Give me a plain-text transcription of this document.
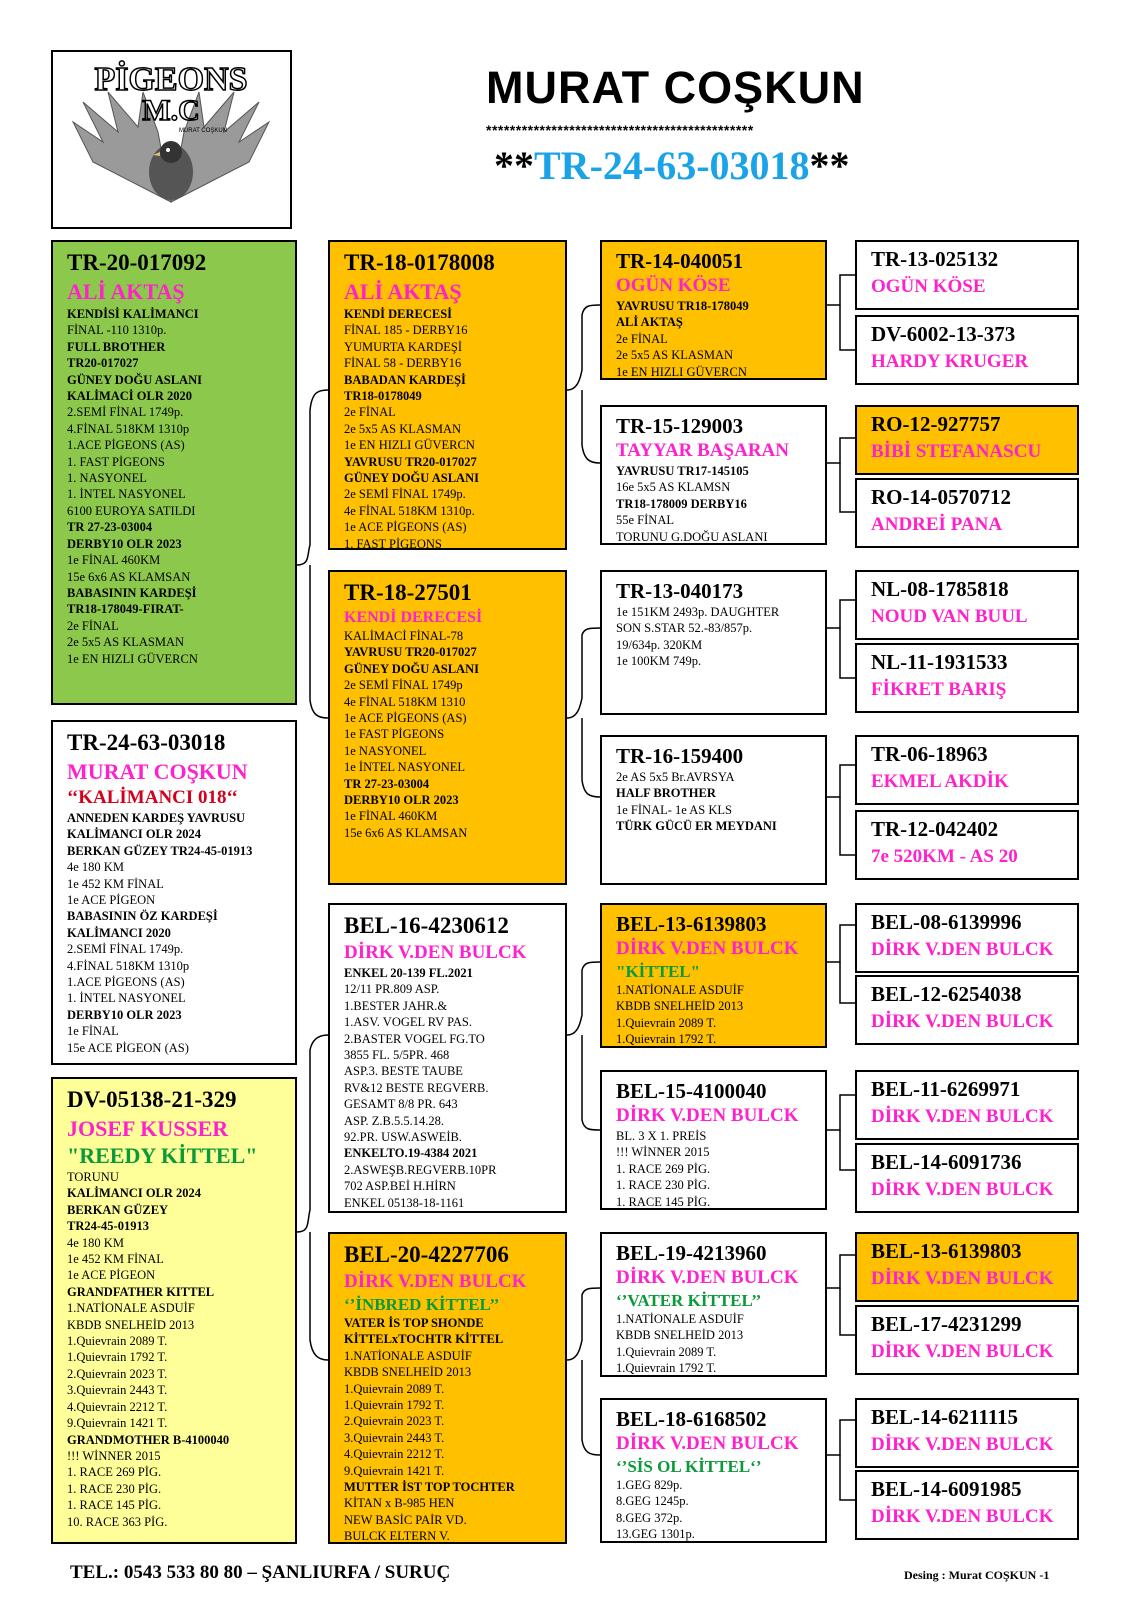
PİGEONS
M.C
MURAT COŞKUN
MURAT COŞKUN
*********************************************
**TR-24-63-03018**
TR-20-017092
ALİ AKTAŞ
KENDİSİ KALİMANCI
FİNAL -110 1310p.
FULL BROTHER
TR20-017027
GÜNEY DOĞU ASLANI
KALİMACİ OLR 2020
2.SEMİ FİNAL 1749p.
4.FİNAL 518KM 1310p
1.ACE PİGEONS (AS)
1. FAST PİGEONS
1. NASYONEL
1. İNTEL NASYONEL
6100 EUROYA SATILDI
TR 27-23-03004
DERBY10 OLR 2023
1e FİNAL 460KM
15e 6x6 AS KLAMSAN
BABASININ KARDEŞİ
TR18-178049-FIRAT-
2e FİNAL
2e 5x5 AS KLASMAN
1e EN HIZLI GÜVERCN
TR-24-63-03018
MURAT COŞKUN
‘‘KALİMANCI 018‘‘
ANNEDEN KARDEŞ YAVRUSU
KALİMANCI OLR 2024
BERKAN GÜZEY TR24-45-01913
4e 180 KM
1e 452 KM FİNAL
1e ACE PİGEON
BABASININ ÖZ KARDEŞİ
KALİMANCI 2020
2.SEMİ FİNAL 1749p.
4.FİNAL 518KM 1310p
1.ACE PİGEONS (AS)
1. İNTEL NASYONEL
DERBY10 OLR 2023
1e FİNAL
15e ACE PİGEON (AS)
DV-05138-21-329
JOSEF KUSSER
"REEDY KİTTEL"
TORUNU
KALİMANCI OLR 2024
BERKAN GÜZEY
TR24-45-01913
4e 180 KM
1e 452 KM FİNAL
1e ACE PİGEON
GRANDFATHER KITTEL
1.NATİONALE ASDUİF
KBDB SNELHEİD 2013
1.Quievrain 2089 T.
1.Quievrain 1792 T.
2.Quievrain 2023 T.
3.Quievrain 2443 T.
4.Quievrain 2212 T.
9.Quievrain 1421 T.
GRANDMOTHER B-4100040
!!! WİNNER 2015
1. RACE 269 PİG.
1. RACE 230 PİG.
1. RACE 145 PİG.
10. RACE 363 PİG.
TR-18-0178008
ALİ AKTAŞ
KENDİ DERECESİ
FİNAL 185 - DERBY16
YUMURTA KARDEŞİ
FİNAL 58 - DERBY16
BABADAN KARDEŞİ
TR18-0178049
2e FİNAL
2e 5x5 AS KLASMAN
1e EN HIZLI GÜVERCN
YAVRUSU TR20-017027
GÜNEY DOĞU ASLANI
2e SEMİ FİNAL 1749p.
4e FİNAL 518KM 1310p.
1e ACE PİGEONS (AS)
1. FAST PİGEONS
TR-18-27501
KENDİ DERECESİ
KALİMACİ FİNAL-78
YAVRUSU TR20-017027
GÜNEY DOĞU ASLANI
2e SEMİ FİNAL 1749p
4e FİNAL 518KM 1310
1e ACE PİGEONS (AS)
1e FAST PİGEONS
1e NASYONEL
1e İNTEL NASYONEL
TR 27-23-03004
DERBY10 OLR 2023
1e FİNAL 460KM
15e 6x6 AS KLAMSAN
BEL-16-4230612
DİRK V.DEN BULCK
ENKEL 20-139 FL.2021
12/11 PR.809 ASP.
1.BESTER JAHR.&
1.ASV. VOGEL RV PAS.
2.BASTER VOGEL FG.TO
3855 FL. 5/5PR. 468
ASP.3. BESTE TAUBE
RV&12 BESTE REGVERB.
GESAMT 8/8 PR. 643
ASP. Z.B.5.5.14.28.
92.PR. USW.ASWEİB.
ENKELTO.19-4384 2021
2.ASWEŞB.REGVERB.10PR
702 ASP.BEİ H.HİRN
ENKEL 05138-18-1161
BEL-20-4227706
DİRK V.DEN BULCK
‘’İNBRED KİTTEL’’
VATER İS TOP SHONDE
KİTTELxTOCHTR KİTTEL
1.NATİONALE ASDUİF
KBDB SNELHEİD 2013
1.Quievrain 2089 T.
1.Quievrain 1792 T.
2.Quievrain 2023 T.
3.Quievrain 2443 T.
4.Quievrain 2212 T.
9.Quievrain 1421 T.
MUTTER İST TOP TOCHTER
KİTAN x B-985 HEN
NEW BASİC PAİR VD.
BULCK ELTERN V.
TR-14-040051
OGÜN KÖSE
YAVRUSU TR18-178049
ALİ AKTAŞ
2e FİNAL
2e 5x5 AS KLASMAN
1e EN HIZLI GÜVERCN
TR-15-129003
TAYYAR BAŞARAN
YAVRUSU TR17-145105
16e 5x5 AS KLAMSN
TR18-178009 DERBY16
55e FİNAL
TORUNU G.DOĞU ASLANI
TR-13-040173
1e 151KM 2493p. DAUGHTER
SON S.STAR 52.-83/857p.
19/634p. 320KM
1e 100KM 749p.
TR-16-159400
2e AS 5x5 Br.AVRSYA
HALF BROTHER
1e FİNAL- 1e AS KLS
TÜRK GÜCÜ ER MEYDANI
BEL-13-6139803
DİRK V.DEN BULCK
"KİTTEL"
1.NATİONALE ASDUİF
KBDB SNELHEİD 2013
1.Quievrain 2089 T.
1.Quievrain 1792 T.
BEL-15-4100040
DİRK V.DEN BULCK
BL. 3 X 1. PREİS
!!! WİNNER 2015
1. RACE 269 PİG.
1. RACE 230 PİG.
1. RACE 145 PİG.
BEL-19-4213960
DİRK V.DEN BULCK
‘’VATER KİTTEL’’
1.NATİONALE ASDUİF
KBDB SNELHEİD 2013
1.Quievrain 2089 T.
1.Quievrain 1792 T.
BEL-18-6168502
DİRK V.DEN BULCK
‘’SİS OL KİTTEL‘’
1.GEG 829p.
8.GEG 1245p.
8.GEG 372p.
13.GEG 1301p.
TR-13-025132
OGÜN KÖSE
DV-6002-13-373
HARDY KRUGER
RO-12-927757
BİBİ STEFANASCU
RO-14-0570712
ANDREİ PANA
NL-08-1785818
NOUD VAN BUUL
NL-11-1931533
FİKRET BARIŞ
TR-06-18963
EKMEL AKDİK
TR-12-042402
7e 520KM - AS 20
BEL-08-6139996
DİRK V.DEN BULCK
BEL-12-6254038
DİRK V.DEN BULCK
BEL-11-6269971
DİRK V.DEN BULCK
BEL-14-6091736
DİRK V.DEN BULCK
BEL-13-6139803
DİRK V.DEN BULCK
BEL-17-4231299
DİRK V.DEN BULCK
BEL-14-6211115
DİRK V.DEN BULCK
BEL-14-6091985
DİRK V.DEN BULCK
TEL.: 0543 533 80 80 – ŞANLIURFA / SURUÇ	Desing : Murat COŞKUN -1
